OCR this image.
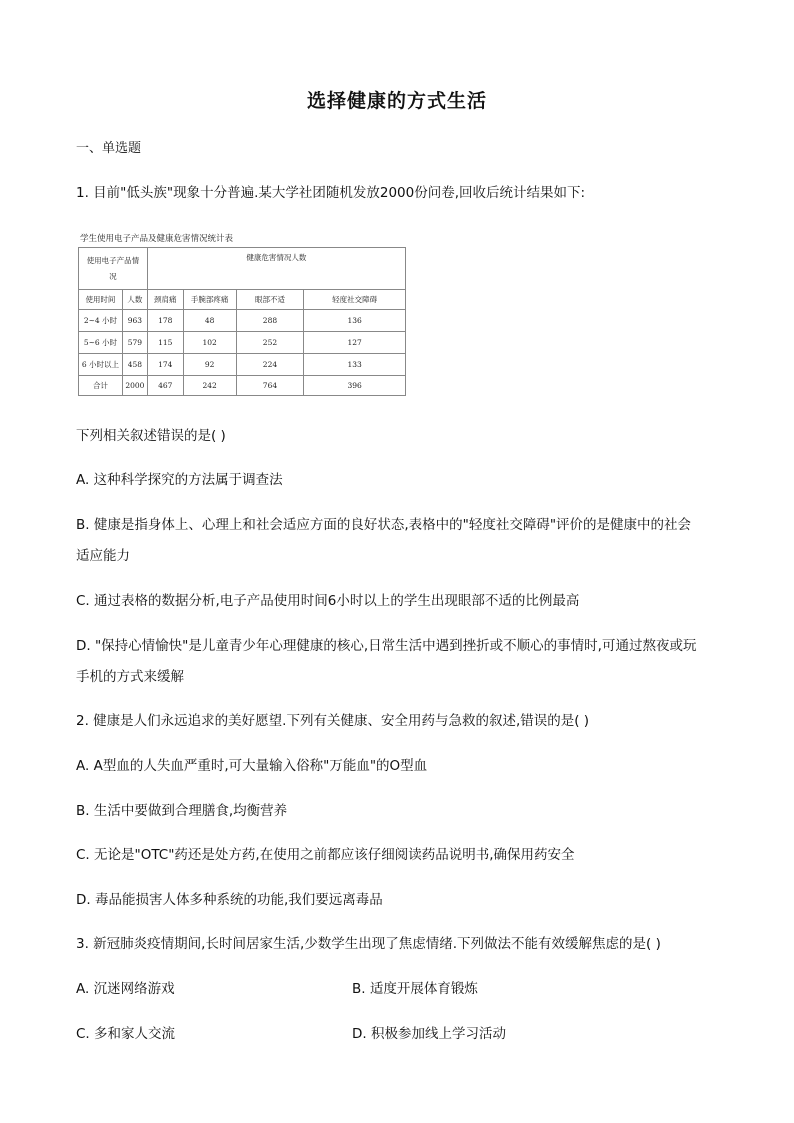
选择健康的方式生活
一、单选题
1. 目前"低头族"现象十分普遍.某大学社团随机发放2000份问卷,回收后统计结果如下:
学生使用电子产品及健康危害情况统计表
使用电子产品情况		健康危害情况人数			
使用时间	人数	颈肩痛	手腕部疼痛	眼部不适	轻度社交障碍
2~4 小时	963	178	48	288	136
5~6 小时	579	115	102	252	127
6 小时以上	458	174	92	224	133
合计	2000	467	242	764	396
下列相关叙述错误的是( )
A. 这种科学探究的方法属于调查法
B. 健康是指身体上、心理上和社会适应方面的良好状态,表格中的"轻度社交障碍"评价的是健康中的社会
适应能力
C. 通过表格的数据分析,电子产品使用时间6小时以上的学生出现眼部不适的比例最高
D. "保持心情愉快"是儿童青少年心理健康的核心,日常生活中遇到挫折或不顺心的事情时,可通过熬夜或玩
手机的方式来缓解
2. 健康是人们永远追求的美好愿望.下列有关健康、安全用药与急救的叙述,错误的是( )
A. A型血的人失血严重时,可大量输入俗称"万能血"的O型血
B. 生活中要做到合理膳食,均衡营养
C. 无论是"OTC"药还是处方药,在使用之前都应该仔细阅读药品说明书,确保用药安全
D. 毒品能损害人体多种系统的功能,我们要远离毒品
3. 新冠肺炎疫情期间,长时间居家生活,少数学生出现了焦虑情绪.下列做法不能有效缓解焦虑的是( )
A. 沉迷网络游戏	B. 适度开展体育锻炼
C. 多和家人交流	D. 积极参加线上学习活动
